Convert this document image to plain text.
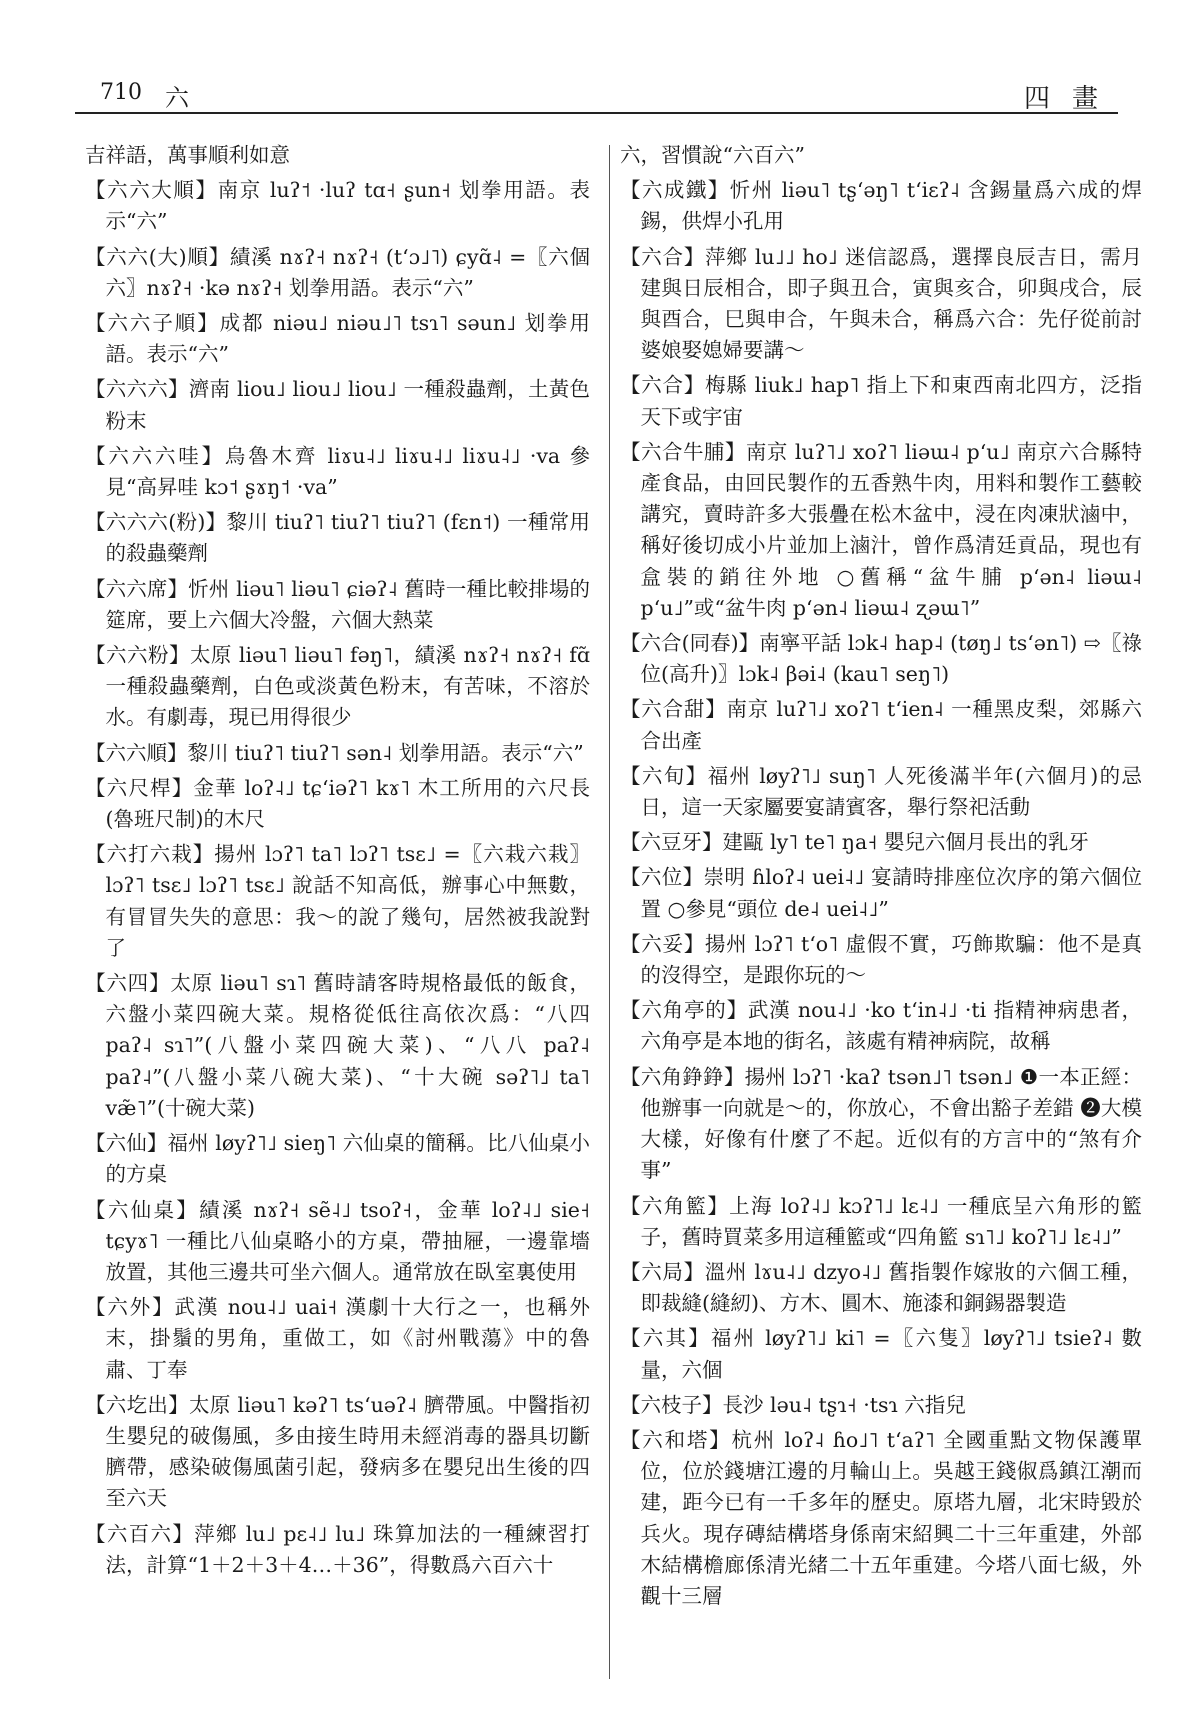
710 六	四畫

吉祥語，萬事順利如意

【六六大順】南京 luʔ˦ ·luʔ tɑ˧ ʂun˧ 划拳用語。表示“六”

【六六(大)順】績溪 nɤʔ˧ nɤʔ˧ (tʻɔ˩˥) ɕyɑ̃˨ =〖六個六〗nɤʔ˧ ·kə nɤʔ˧ 划拳用語。表示“六”

【六六子順】成都 niəu˩ niəu˩˥ tsɿ˥ səun˩ 划拳用語。表示“六”

【六六六】濟南 liou˩ liou˩ liou˩ 一種殺蟲劑，土黃色粉末

【六六六哇】烏魯木齊 liɤu˨˩ liɤu˨˩ liɤu˨˩ ·va 參見“高昇哇 kɔ˦ ʂɤŋ˦ ·va”

【六六六(粉)】黎川 tiuʔ˥ tiuʔ˥ tiuʔ˥ (fɛn˦) 一種常用的殺蟲藥劑

【六六席】忻州 liəu˥ liəu˥ ɕiəʔ˨ 舊時一種比較排場的筵席，要上六個大冷盤，六個大熱菜

【六六粉】太原 liəu˥ liəu˥ fəŋ˥，績溪 nɤʔ˧ nɤʔ˧ fɑ̃ 一種殺蟲藥劑，白色或淡黃色粉末，有苦味，不溶於水。有劇毒，現已用得很少

【六六順】黎川 tiuʔ˥ tiuʔ˥ sən˨ 划拳用語。表示“六”

【六尺桿】金華 loʔ˨˩ tɕʻiəʔ˥ kɤ˥ 木工所用的六尺長(魯班尺制)的木尺

【六打六栽】揚州 lɔʔ˥ ta˥ lɔʔ˥ tsɛ˩ =〖六栽六栽〗lɔʔ˥ tsɛ˩ lɔʔ˥ tsɛ˩ 說話不知高低，辦事心中無數，有冒冒失失的意思：我～的說了幾句，居然被我說對了

【六四】太原 liəu˥ sɿ˥ 舊時請客時規格最低的飯食，六盤小菜四碗大菜。規格從低往高依次爲：“八四 paʔ˨ sɿ˥”(八盤小菜四碗大菜)、“八八 paʔ˨ paʔ˨”(八盤小菜八碗大菜)、“十大碗 səʔ˥˩ ta˥ væ̃˥”(十碗大菜)

【六仙】福州 løyʔ˥˩ sieŋ˥ 六仙桌的簡稱。比八仙桌小的方桌

【六仙桌】績溪 nɤʔ˧ sẽ˨˩ tsoʔ˧，金華 loʔ˨˩ sie˧ tɕyɤ˥ 一種比八仙桌略小的方桌，帶抽屜，一邊靠墻放置，其他三邊共可坐六個人。通常放在臥室裏使用

【六外】武漢 nou˨˩ uai˧ 漢劇十大行之一，也稱外末，掛鬚的男角，重做工，如《討州戰蕩》中的魯肅、丁奉

【六圪出】太原 liəu˥ kəʔ˥ tsʻuəʔ˨ 臍帶風。中醫指初生嬰兒的破傷風，多由接生時用未經消毒的器具切斷臍帶，感染破傷風菌引起，發病多在嬰兒出生後的四至六天

【六百六】萍鄉 lu˩ pɛ˨˩ lu˩ 珠算加法的一種練習打法，計算“1＋2＋3＋4…＋36”，得數爲六百六十

六，習慣說“六百六”

【六成鐵】忻州 liəu˥ tʂʻəŋ˥ tʻiɛʔ˨ 含錫量爲六成的焊錫，供焊小孔用

【六合】萍鄉 lu˩˩ ho˩ 迷信認爲，選擇良辰吉日，需月建與日辰相合，即子與丑合，寅與亥合，卯與戌合，辰與酉合，巳與申合，午與未合，稱爲六合：先仔從前討婆娘娶媳婦要講～

【六合】梅縣 liuk˩ hap˥ 指上下和東西南北四方，泛指天下或宇宙

【六合牛脯】南京 luʔ˥˩ xoʔ˥ liəɯ˨ pʻu˩ 南京六合縣特產食品，由回民製作的五香熟牛肉，用料和製作工藝較講究，賣時許多大張疊在松木盆中，浸在肉凍狀滷中，稱好後切成小片並加上滷汁，曾作爲清廷貢品，現也有盒裝的銷往外地 ○舊稱“盆牛脯 pʻən˨ liəɯ˨ pʻu˩”或“盆牛肉 pʻən˨ liəɯ˨ ʐəɯ˥”

【六合(同春)】南寧平話 lɔk˨ hap˨ (tøŋ˩ tsʻən˥) ⇨〖祿位(高升)〗lɔk˨ βəi˨ (kau˥ seŋ˥)

【六合甜】南京 luʔ˥˩ xoʔ˥ tʻien˨ 一種黑皮梨，郊縣六合出產

【六旬】福州 løyʔ˥˩ suŋ˥ 人死後滿半年(六個月)的忌日，這一天家屬要宴請賓客，舉行祭祀活動

【六豆牙】建甌 ly˥ te˥ ŋa˧ 嬰兒六個月長出的乳牙

【六位】崇明 ɦloʔ˨ uei˨˩ 宴請時排座位次序的第六個位置 ○參見“頭位 de˨ uei˨˩”

【六妥】揚州 lɔʔ˥ tʻo˥ 虛假不實，巧飾欺騙：他不是真的沒得空，是跟你玩的～

【六角亭的】武漢 nou˨˩ ·ko tʻin˨˩ ·ti 指精神病患者，六角亭是本地的街名，該處有精神病院，故稱

【六角錚錚】揚州 lɔʔ˥ ·kaʔ tsən˩˥ tsən˩ ❶一本正經：他辦事一向就是～的，你放心，不會出豁子差錯 ❷大模大樣，好像有什麼了不起。近似有的方言中的“煞有介事”

【六角籃】上海 loʔ˨˩ kɔʔ˥˩ lɛ˨˩ 一種底呈六角形的籃子，舊時買菜多用這種籃或“四角籃 sɿ˥˩ koʔ˥˩ lɛ˨˩”

【六局】溫州 lɤu˨˩ dzyo˨˩ 舊指製作嫁妝的六個工種，即裁縫(縫紉)、方木、圓木、施漆和銅錫器製造

【六其】福州 løyʔ˥˩ ki˥ =〖六隻〗løyʔ˥˩ tsieʔ˨ 數量，六個

【六枝子】長沙 ləu˨ tʂɿ˧ ·tsɿ 六指兒

【六和塔】杭州 loʔ˨ ɦo˩˥ tʻaʔ˥ 全國重點文物保護單位，位於錢塘江邊的月輪山上。吳越王錢俶爲鎮江潮而建，距今已有一千多年的歷史。原塔九層，北宋時毀於兵火。現存磚結構塔身係南宋紹興二十三年重建，外部木結構檐廊係清光緒二十五年重建。今塔八面七級，外觀十三層
